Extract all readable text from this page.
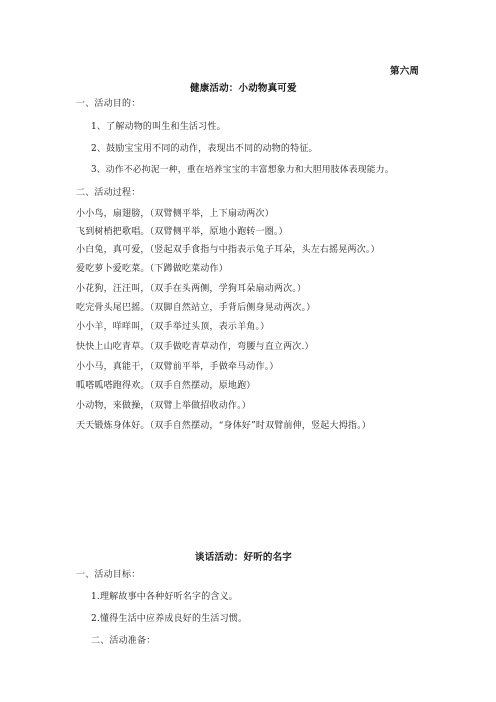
第六周
健康活动：小动物真可爱
一、活动目的：
1、了解动物的叫生和生活习性。
2、鼓励宝宝用不同的动作，表现出不同的动物的特征。
3、动作不必拘泥一种，重在培养宝宝的丰富想象力和大胆用肢体表现能力。
二、活动过程：
小小鸟，扇翅膀，（双臂侧平举，上下扇动两次）
飞到树梢把歌唱。（双臂侧平举，原地小跑转一圈。）
小白兔，真可爱，（竖起双手食指与中指表示兔子耳朵，头左右摇晃两次。）
爱吃萝卜爱吃菜。（下蹲做吃菜动作）
小花狗，汪汪叫，（双手在头两侧，学狗耳朵扇动两次。）
吃完骨头尾巴摇。（双脚自然站立，手背后侧身晃动两次。）
小小羊，咩咩叫，（双手举过头顶，表示羊角。）
快快上山吃青草。（双手做吃青草动作，弯腰与直立两次.）
小小马，真能干，（双臂前平举，手做牵马动作。）
呱嗒呱嗒跑得欢。（双手自然摆动，原地跑）
小动物，来做操，（双臂上举做招收动作。）
天天锻炼身体好。（双手自然摆动，“身体好”时双臂前伸，竖起大拇指。）
谈话活动：好听的名字
一、活动目标：
1.理解故事中各种好听名字的含义。
2.懂得生活中应养成良好的生活习惯。
二、活动准备：
